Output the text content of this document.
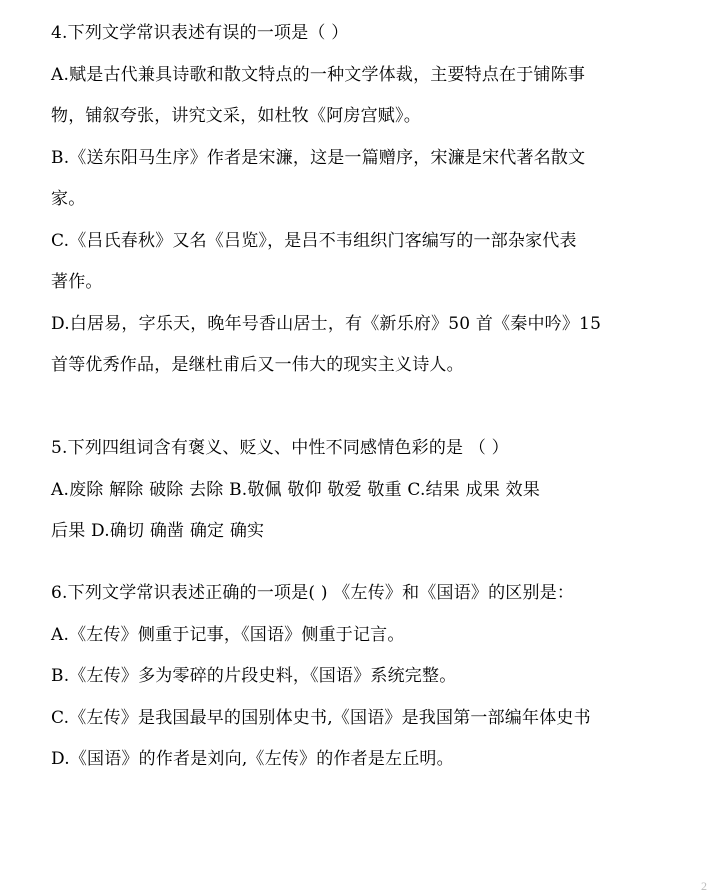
4.下列文学常识表述有误的一项是（ ）
A.赋是古代兼具诗歌和散文特点的一种文学体裁，主要特点在于铺陈事
物，铺叙夸张，讲究文采，如杜牧《阿房宫赋》。
B.《送东阳马生序》作者是宋濂，这是一篇赠序，宋濂是宋代著名散文
家。
C.《吕氏春秋》又名《吕览》，是吕不韦组织门客编写的一部杂家代表
著作。
D.白居易，字乐天，晚年号香山居士，有《新乐府》50 首《秦中吟》15
首等优秀作品，是继杜甫后又一伟大的现实主义诗人。
5.下列四组词含有褒义、贬义、中性不同感情色彩的是 （ ）
A.废除 解除 破除 去除 B.敬佩 敬仰 敬爱 敬重 C.结果 成果 效果
后果 D.确切 确凿 确定 确实
6.下列文学常识表述正确的一项是( ) 《左传》和《国语》的区别是：
A.《左传》侧重于记事，《国语》侧重于记言。
B.《左传》多为零碎的片段史料，《国语》系统完整。
C.《左传》是我国最早的国别体史书,《国语》是我国第一部编年体史书
D.《国语》的作者是刘向,《左传》的作者是左丘明。
2
